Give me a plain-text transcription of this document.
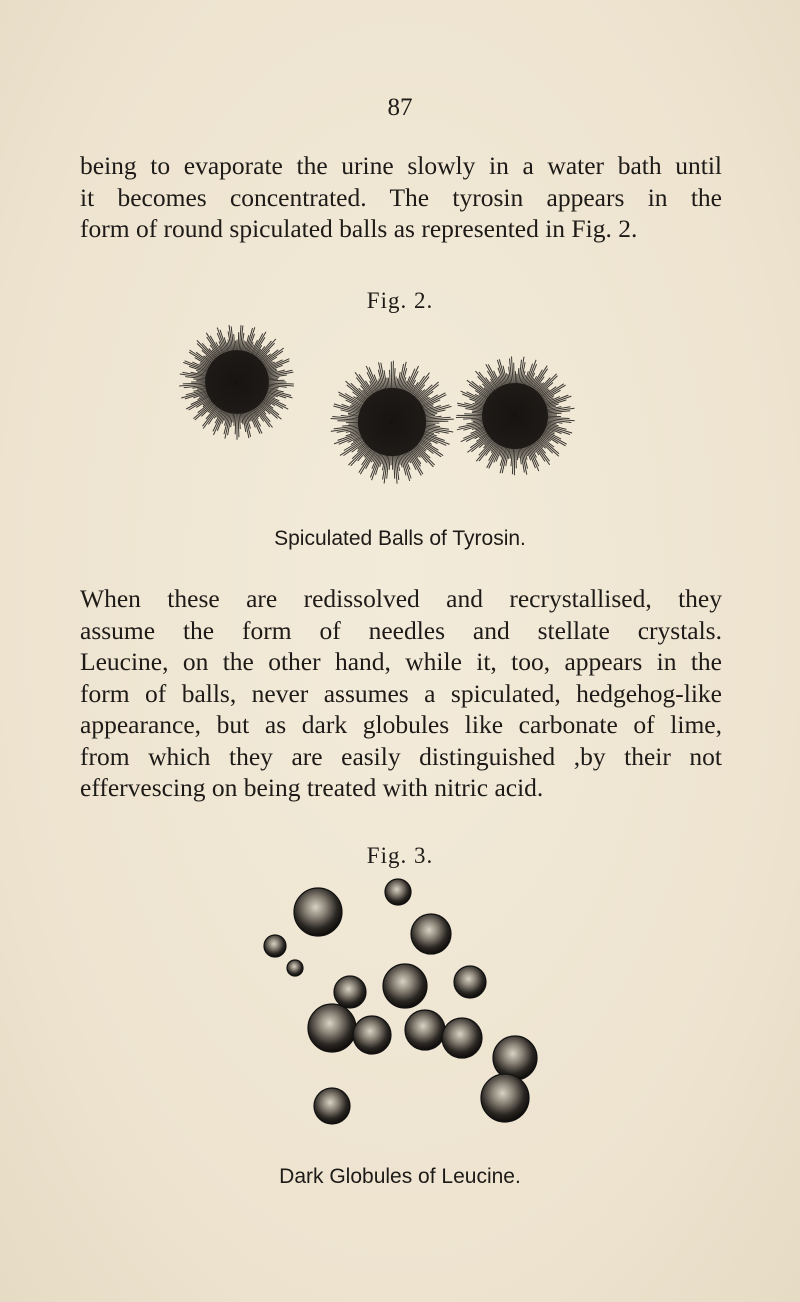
87
being to evaporate the urine slowly in a water bath until
it becomes concentrated. The tyrosin appears in the
form of round spiculated balls as represented in Fig. 2.
Fig. 2.
Spiculated Balls of Tyrosin.
When these are redissolved and recrystallised, they
assume the form of needles and stellate crystals.
Leucine, on the other hand, while it, too, appears in the
form of balls, never assumes a spiculated, hedgehog-like
appearance, but as dark globules like carbonate of lime,
from which they are easily distinguished ,by their not
effervescing on being treated with nitric acid.
Fig. 3.
Dark Globules of Leucine.
